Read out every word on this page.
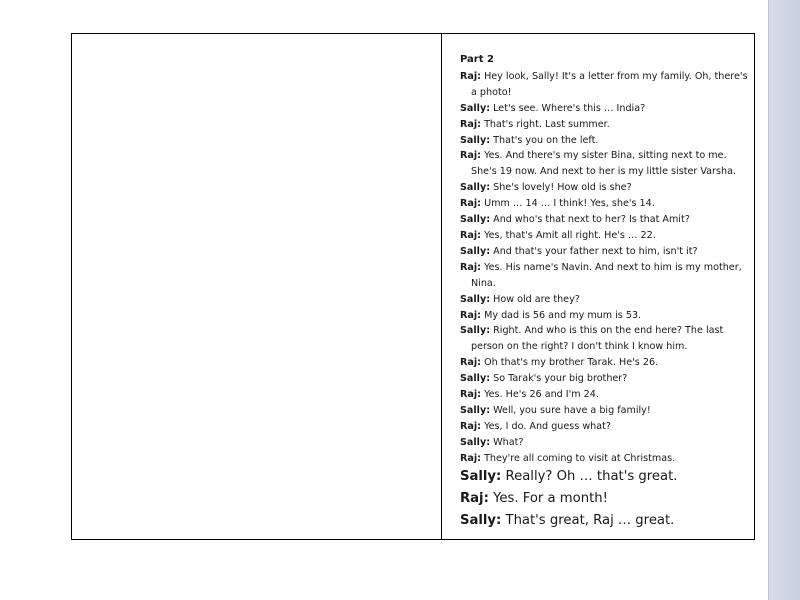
Part 2
Raj: Hey look, Sally! It's a letter from my family. Oh, there's a photo!
Sally: Let's see. Where's this … India?
Raj: That's right. Last summer.
Sally: That's you on the left.
Raj: Yes. And there's my sister Bina, sitting next to me. She's 19 now. And next to her is my little sister Varsha.
Sally: She's lovely! How old is she?
Raj: Umm … 14 … I think! Yes, she's 14.
Sally: And who's that next to her? Is that Amit?
Raj: Yes, that's Amit all right. He's … 22.
Sally: And that's your father next to him, isn't it?
Raj: Yes. His name's Navin. And next to him is my mother, Nina.
Sally: How old are they?
Raj: My dad is 56 and my mum is 53.
Sally: Right. And who is this on the end here? The last person on the right? I don't think I know him.
Raj: Oh that's my brother Tarak. He's 26.
Sally: So Tarak's your big brother?
Raj: Yes. He's 26 and I'm 24.
Sally: Well, you sure have a big family!
Raj: Yes, I do. And guess what?
Sally: What?
Raj: They're all coming to visit at Christmas.
Sally: Really? Oh … that's great.
Raj: Yes. For a month!
Sally: That's great, Raj … great.
